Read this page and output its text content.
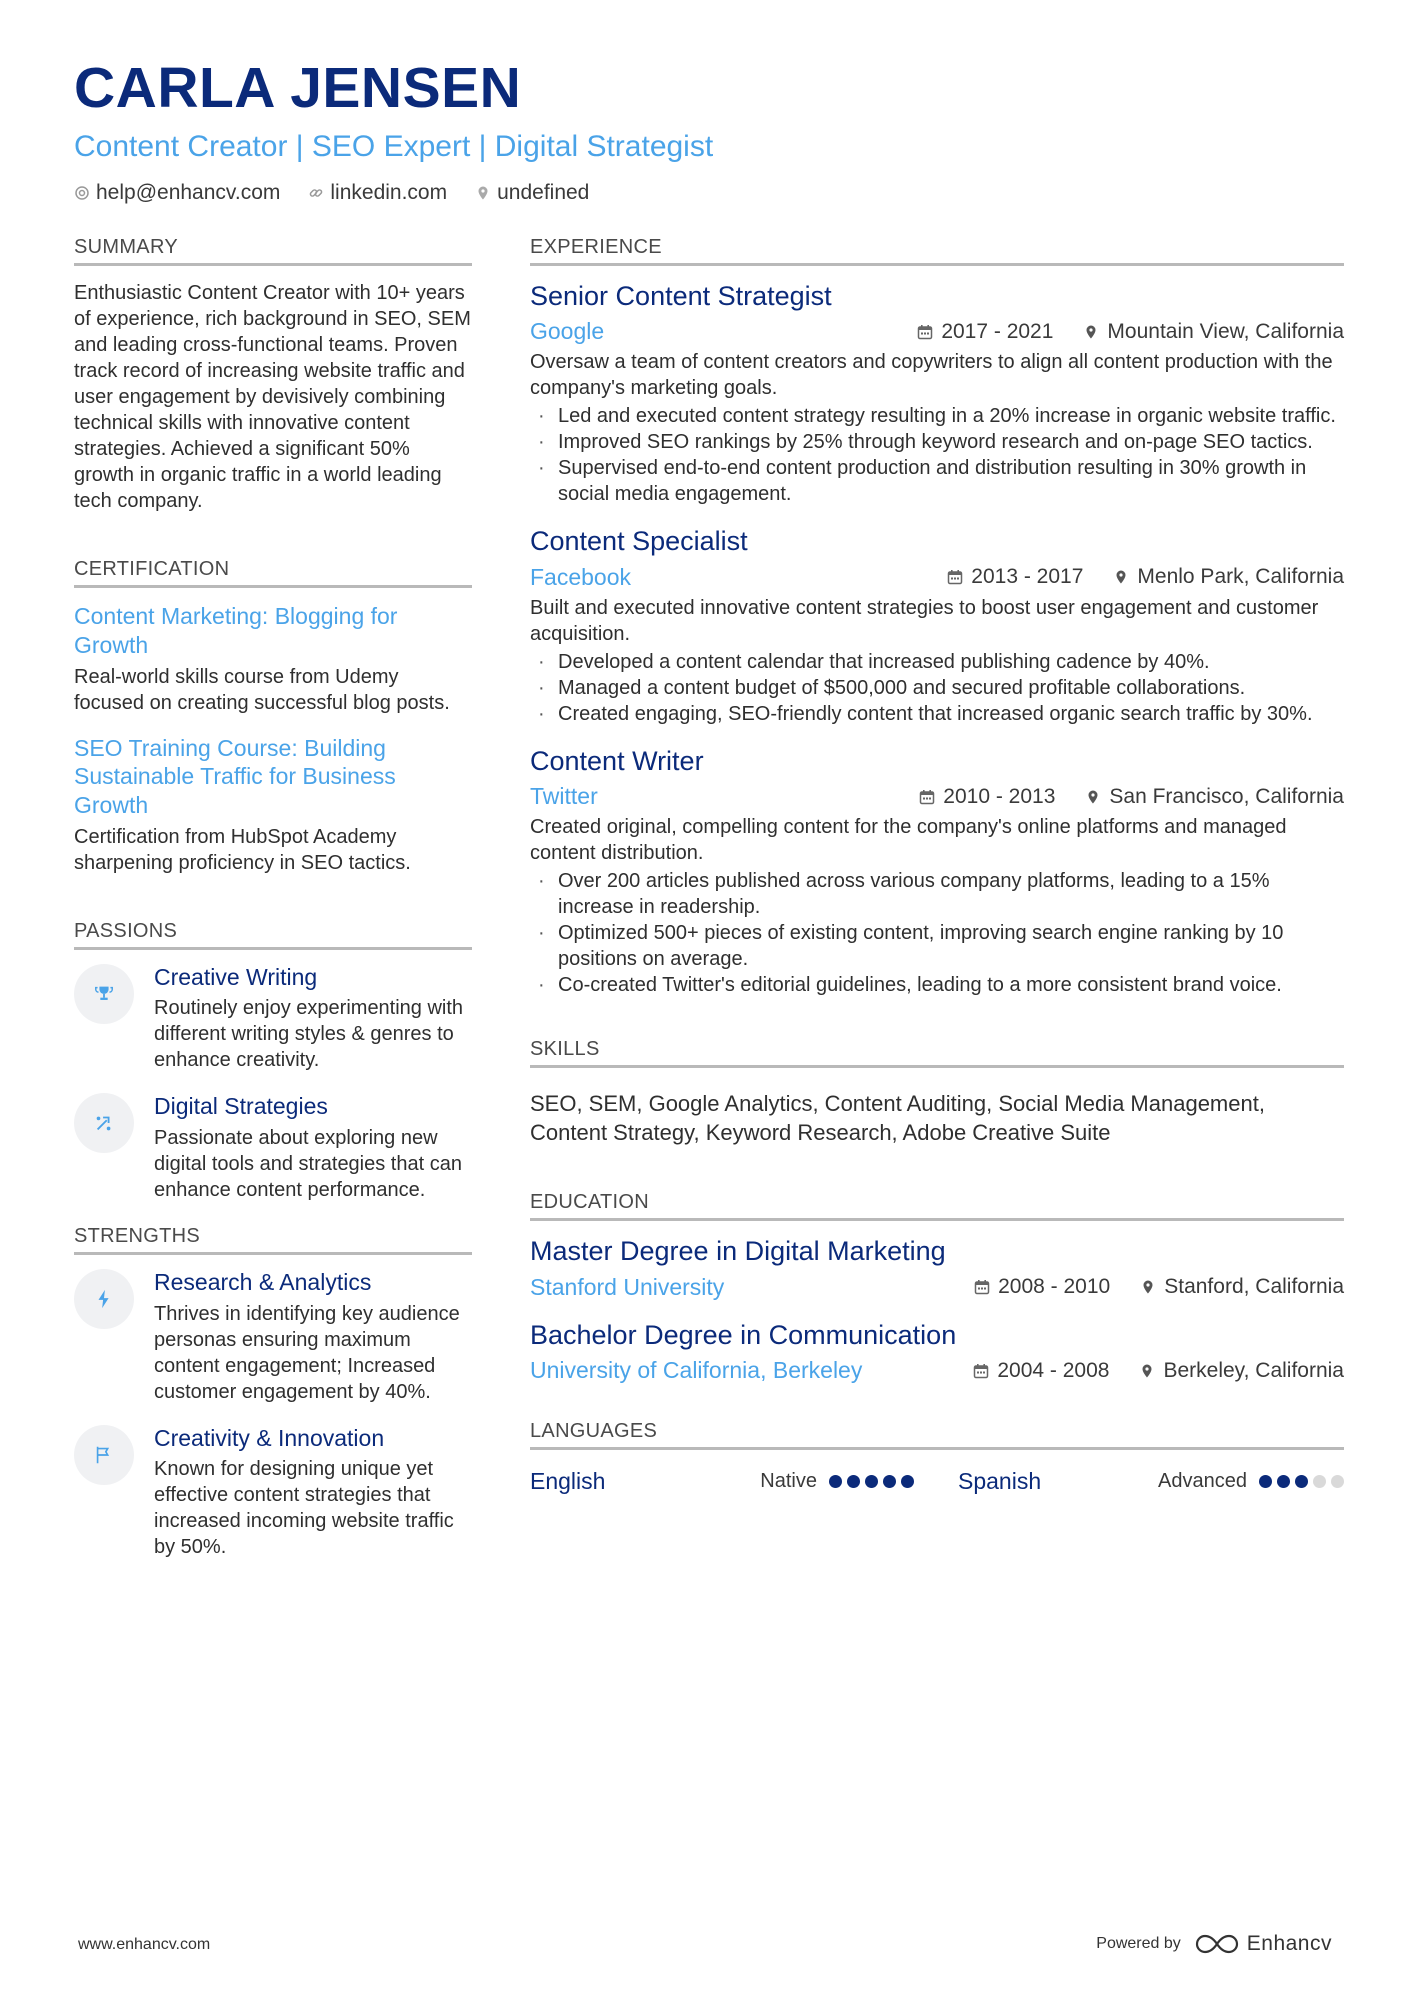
CARLA JENSEN
Content Creator | SEO Expert | Digital Strategist
help@enhancv.com linkedin.com undefined
SUMMARY
Enthusiastic Content Creator with 10+ years of experience, rich background in SEO, SEM and leading cross-functional teams. Proven track record of increasing website traffic and user engagement by devisively combining technical skills with innovative content strategies. Achieved a significant 50% growth in organic traffic in a world leading tech company.
CERTIFICATION
Content Marketing: Blogging for Growth
Real-world skills course from Udemy focused on creating successful blog posts.
SEO Training Course: Building Sustainable Traffic for Business Growth
Certification from HubSpot Academy sharpening proficiency in SEO tactics.
PASSIONS
Creative Writing
Routinely enjoy experimenting with different writing styles & genres to enhance creativity.
Digital Strategies
Passionate about exploring new digital tools and strategies that can enhance content performance.
STRENGTHS
Research & Analytics
Thrives in identifying key audience personas ensuring maximum content engagement; Increased customer engagement by 40%.
Creativity & Innovation
Known for designing unique yet effective content strategies that increased incoming website traffic by 50%.
EXPERIENCE
Senior Content Strategist
Google	2017 - 2021	Mountain View, California
Oversaw a team of content creators and copywriters to align all content production with the company's marketing goals.
· Led and executed content strategy resulting in a 20% increase in organic website traffic.
· Improved SEO rankings by 25% through keyword research and on-page SEO tactics.
· Supervised end-to-end content production and distribution resulting in 30% growth in social media engagement.
Content Specialist
Facebook	2013 - 2017	Menlo Park, California
Built and executed innovative content strategies to boost user engagement and customer acquisition.
· Developed a content calendar that increased publishing cadence by 40%.
· Managed a content budget of $500,000 and secured profitable collaborations.
· Created engaging, SEO-friendly content that increased organic search traffic by 30%.
Content Writer
Twitter	2010 - 2013	San Francisco, California
Created original, compelling content for the company's online platforms and managed content distribution.
· Over 200 articles published across various company platforms, leading to a 15% increase in readership.
· Optimized 500+ pieces of existing content, improving search engine ranking by 10 positions on average.
· Co-created Twitter's editorial guidelines, leading to a more consistent brand voice.
SKILLS
SEO, SEM, Google Analytics, Content Auditing, Social Media Management, Content Strategy, Keyword Research, Adobe Creative Suite
EDUCATION
Master Degree in Digital Marketing
Stanford University	2008 - 2010	Stanford, California
Bachelor Degree in Communication
University of California, Berkeley	2004 - 2008	Berkeley, California
LANGUAGES
English	Native	Spanish	Advanced
www.enhancv.com	Powered by	Enhancv
